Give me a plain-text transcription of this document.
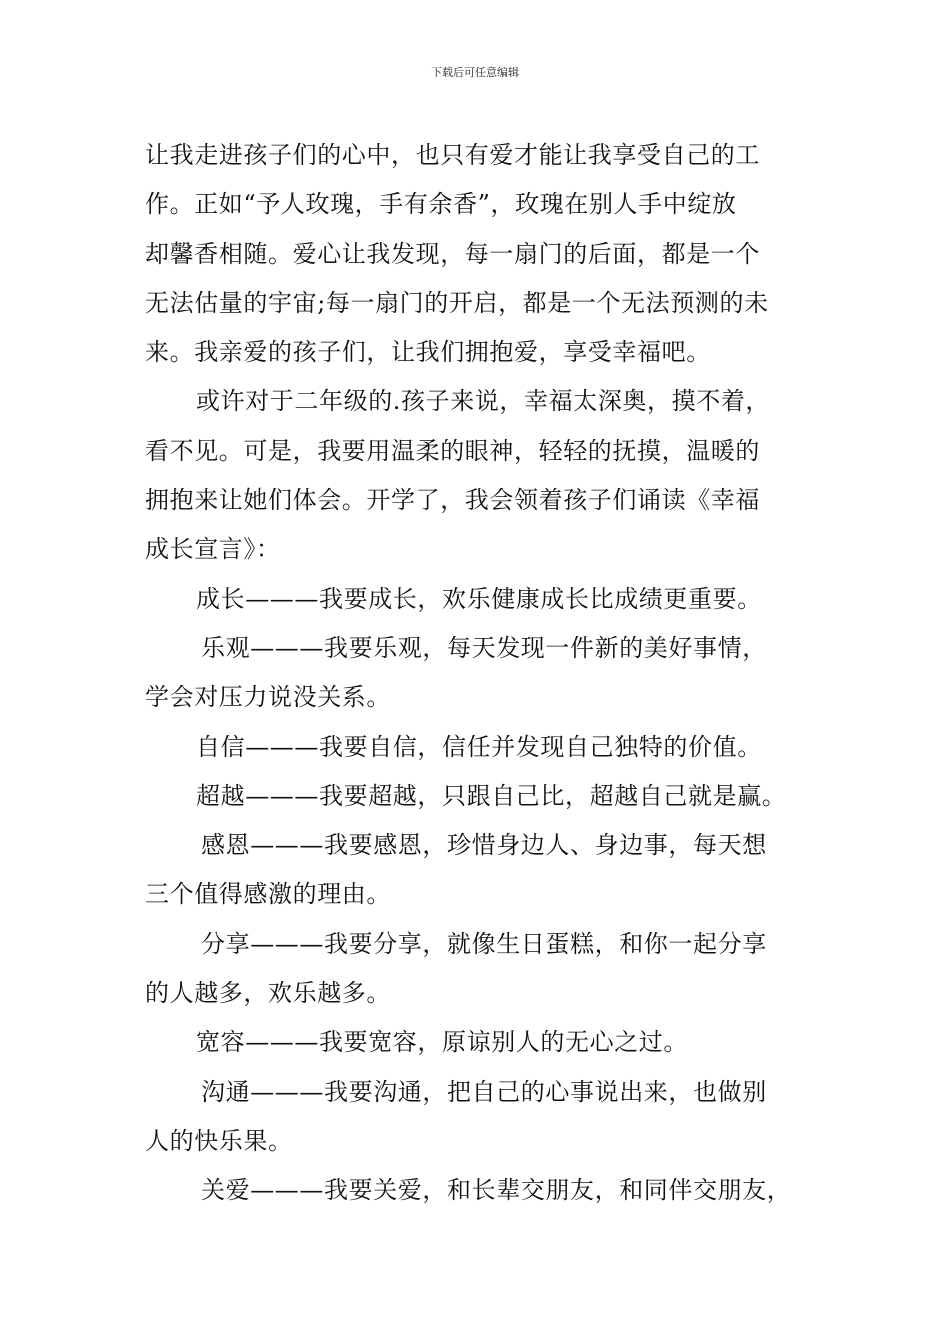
下载后可任意编辑
让我走进孩子们的心中，也只有爱才能让我享受自己的工
作。正如“予人玫瑰，手有余香”，玫瑰在别人手中绽放
却馨香相随。爱心让我发现，每一扇门的后面，都是一个
无法估量的宇宙;每一扇门的开启，都是一个无法预测的未
来。我亲爱的孩子们，让我们拥抱爱，享受幸福吧。
或许对于二年级的.孩子来说，幸福太深奥，摸不着，
看不见。可是，我要用温柔的眼神，轻轻的抚摸，温暖的
拥抱来让她们体会。开学了，我会领着孩子们诵读《幸福
成长宣言》：
成长———我要成长，欢乐健康成长比成绩更重要。
乐观———我要乐观，每天发现一件新的美好事情，
学会对压力说没关系。
自信———我要自信，信任并发现自己独特的价值。
超越———我要超越，只跟自己比，超越自己就是赢。
感恩———我要感恩，珍惜身边人、身边事，每天想
三个值得感激的理由。
分享———我要分享，就像生日蛋糕，和你一起分享
的人越多，欢乐越多。
宽容———我要宽容，原谅别人的无心之过。
沟通———我要沟通，把自己的心事说出来，也做别
人的快乐果。
关爱———我要关爱，和长辈交朋友，和同伴交朋友，
